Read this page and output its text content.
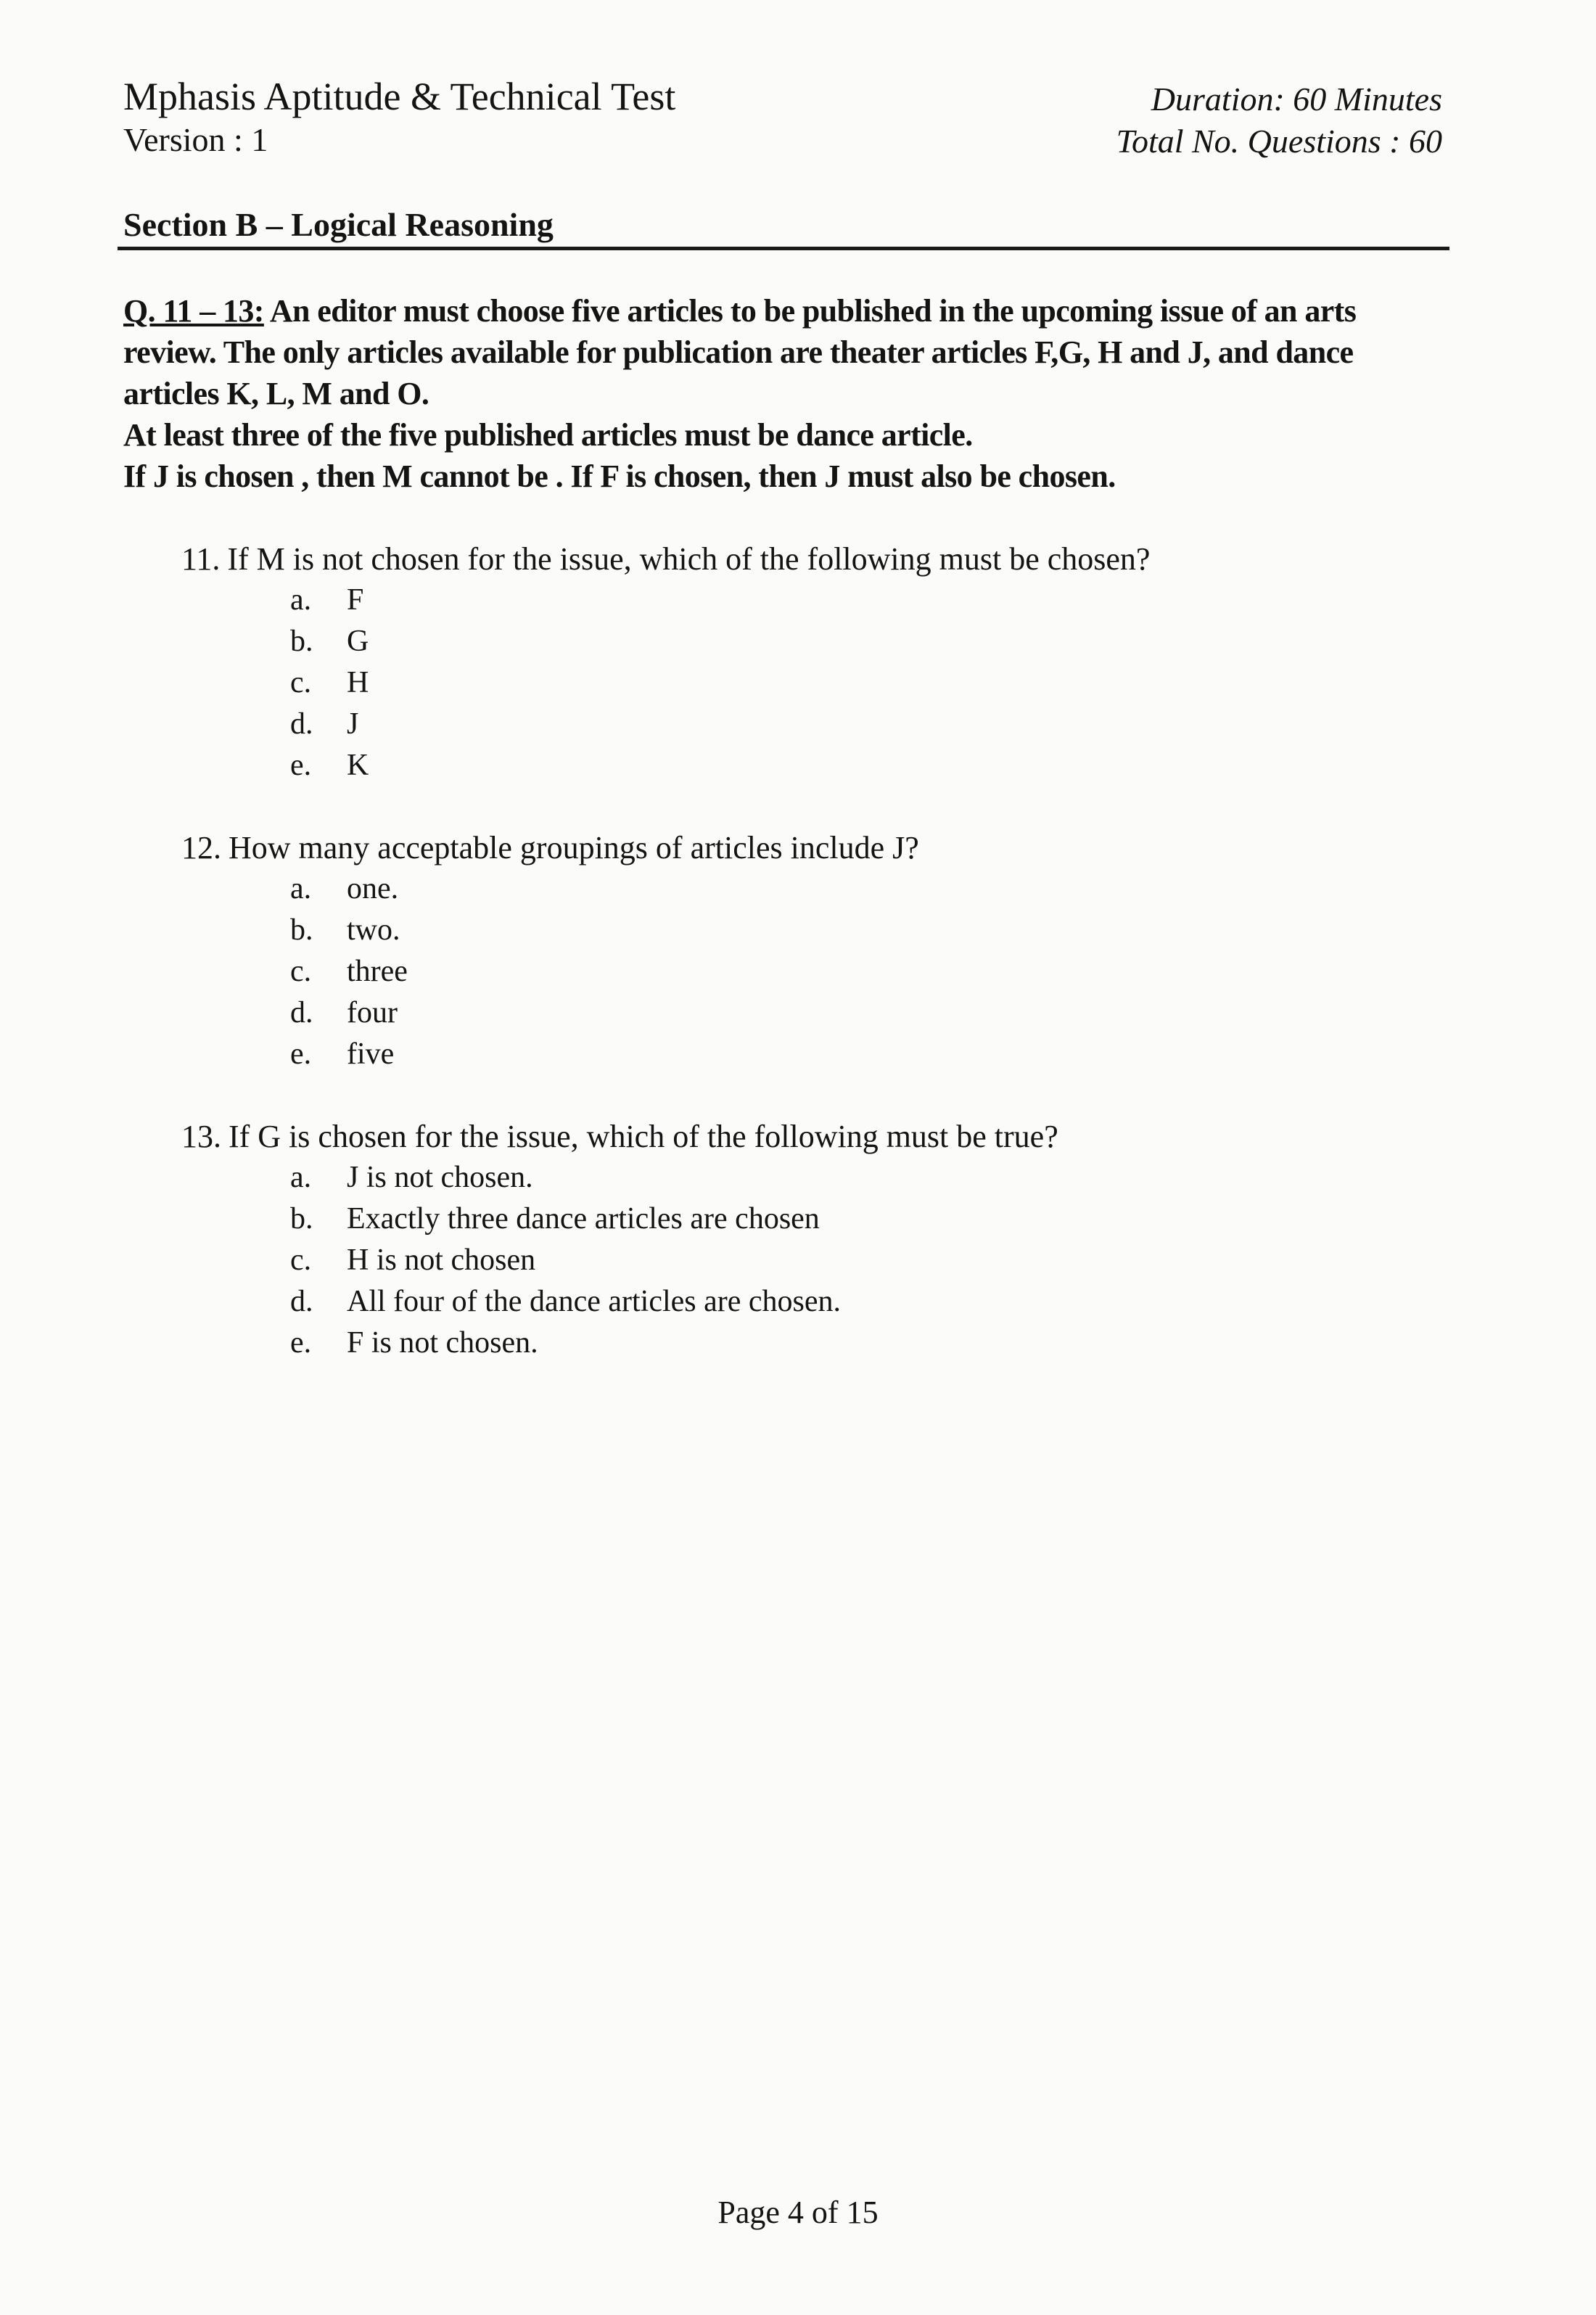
Mphasis Aptitude & Technical Test
Version : 1
Duration: 60 Minutes
Total No. Questions : 60
Section B – Logical Reasoning

Q. 11 – 13: An editor must choose five articles to be published in the upcoming issue of an arts review. The only articles available for publication are theater articles F,G, H and J, and dance articles K, L, M and O.

At least three of the five published articles must be dance article.

If J is chosen , then M cannot be . If F is chosen, then J must also be chosen.

11. If M is not chosen for the issue, which of the following must be chosen?
a.	F
b.	G
c.	H
d.	J
e.	K
12. How many acceptable groupings of articles include J?
a.	one.
b.	two.
c.	three
d.	four
e.	five
13. If G is chosen for the issue, which of the following must be true?
a.	J is not chosen.
b.	Exactly three dance articles are chosen
c.	H is not chosen
d.	All four of the dance articles are chosen.
e.	F is not chosen.
Page 4 of 15
